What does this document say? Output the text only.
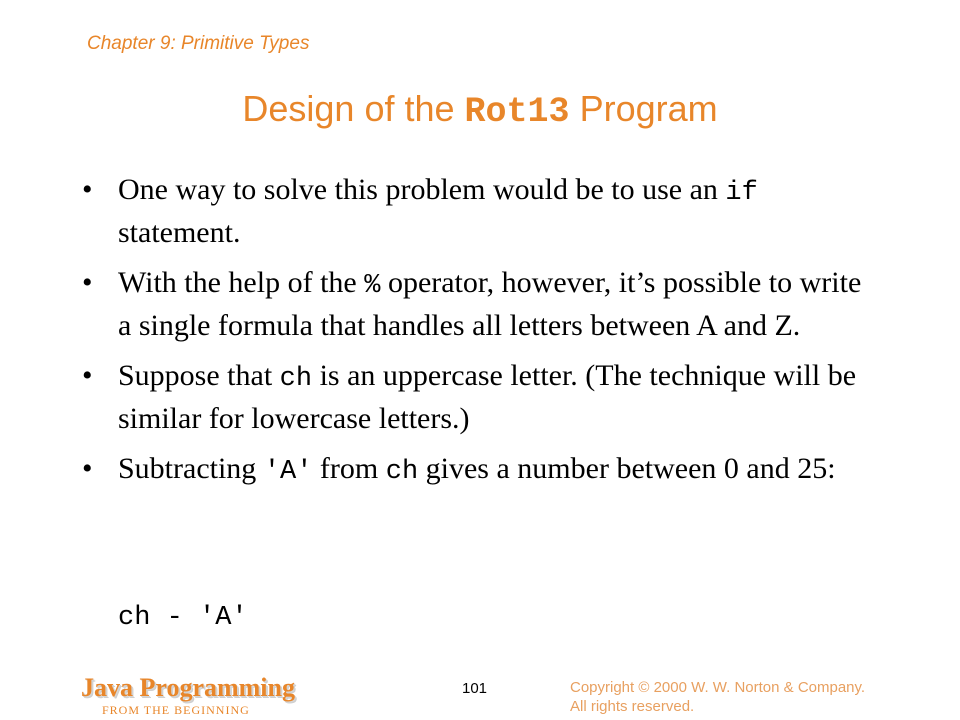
Chapter 9: Primitive Types
Design of the Rot13 Program
• One way to solve this problem would be to use an if statement.
• With the help of the % operator, however, it’s possible to write a single formula that handles all letters between A and Z.
• Suppose that ch is an uppercase letter. (The technique will be similar for lowercase letters.)
• Subtracting 'A' from ch gives a number between 0 and 25:
ch - 'A'
Java Programming
FROM THE BEGINNING
101	Copyright © 2000 W. W. Norton & Company.
All rights reserved.
